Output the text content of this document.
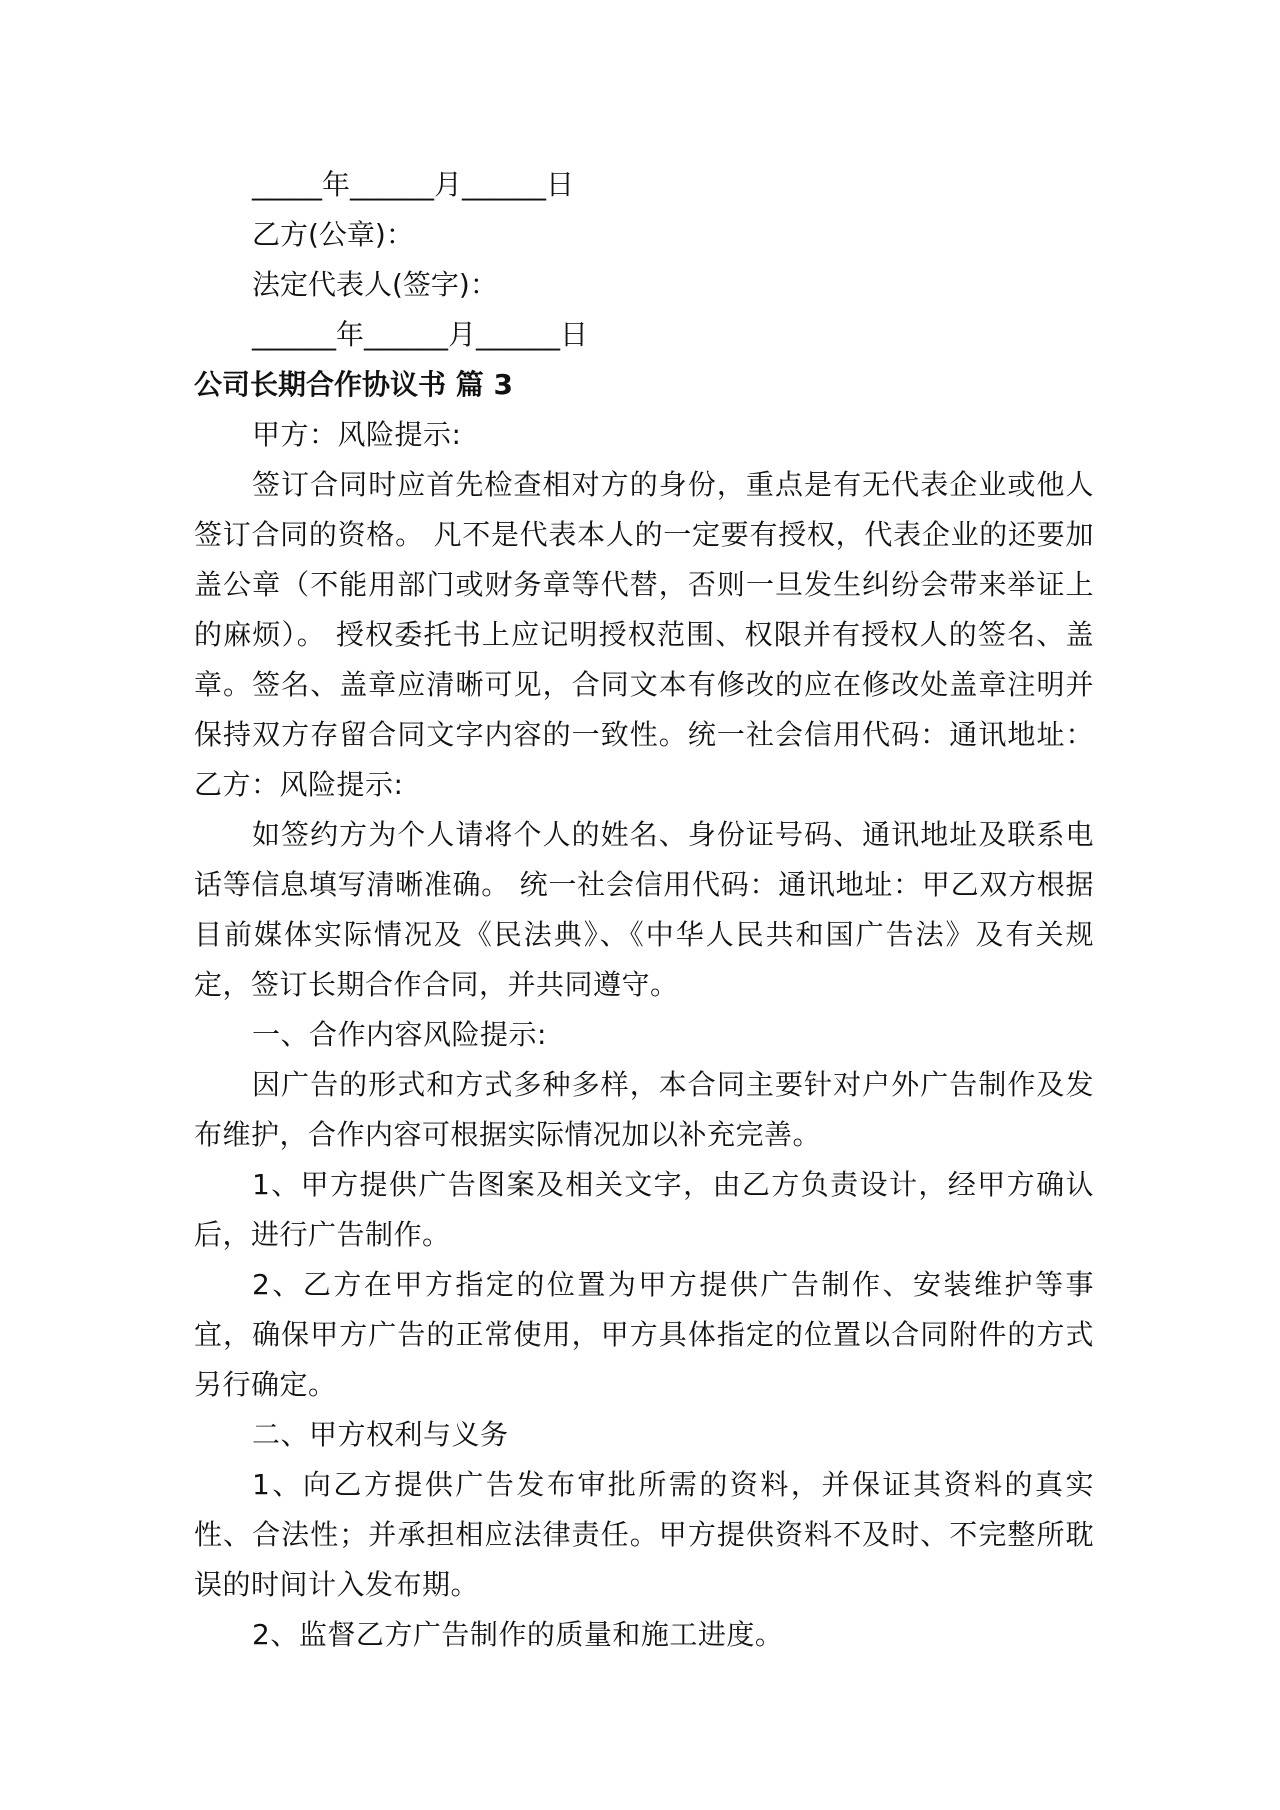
_____年______月______日

乙方(公章)：

法定代表人(签字)：

______年______月______日

公司长期合作协议书 篇 3

甲方：风险提示:

签订合同时应首先检查相对方的身份，重点是有无代表企业或他人签订合同的资格。 凡不是代表本人的一定要有授权，代表企业的还要加盖公章（不能用部门或财务章等代替，否则一旦发生纠纷会带来举证上的麻烦）。 授权委托书上应记明授权范围、权限并有授权人的签名、盖章。签名、盖章应清晰可见，合同文本有修改的应在修改处盖章注明并保持双方存留合同文字内容的一致性。统一社会信用代码：通讯地址：乙方：风险提示:

如签约方为个人请将个人的姓名、身份证号码、通讯地址及联系电话等信息填写清晰准确。 统一社会信用代码：通讯地址：甲乙双方根据目前媒体实际情况及《民法典》、《中华人民共和国广告法》及有关规定，签订长期合作合同，并共同遵守。

一、合作内容风险提示:

因广告的形式和方式多种多样，本合同主要针对户外广告制作及发布维护，合作内容可根据实际情况加以补充完善。

1、甲方提供广告图案及相关文字，由乙方负责设计，经甲方确认后，进行广告制作。

2、乙方在甲方指定的位置为甲方提供广告制作、安装维护等事宜，确保甲方广告的正常使用，甲方具体指定的位置以合同附件的方式另行确定。

二、甲方权利与义务

1、向乙方提供广告发布审批所需的资料，并保证其资料的真实性、合法性；并承担相应法律责任。甲方提供资料不及时、不完整所耽误的时间计入发布期。

2、监督乙方广告制作的质量和施工进度。
